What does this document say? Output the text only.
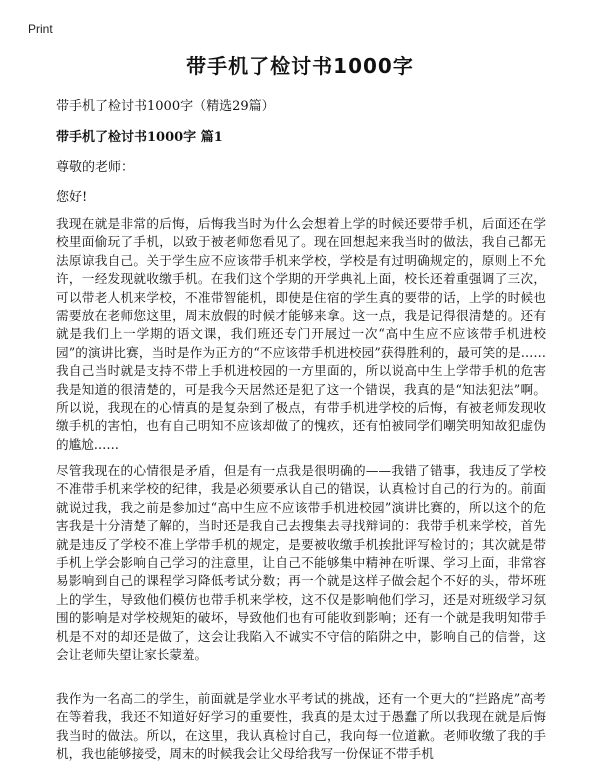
Print
带手机了检讨书1000字
带手机了检讨书1000字（精选29篇）
带手机了检讨书1000字 篇1
尊敬的老师：
您好!

我现在就是非常的后悔，后悔我当时为什么会想着上学的时候还要带手机，后面还在学校里面偷玩了手机，以致于被老师您看见了。现在回想起来我当时的做法，我自己都无法原谅我自己。关于学生应不应该带手机来学校，学校是有过明确规定的，原则上不允许，一经发现就收缴手机。在我们这个学期的开学典礼上面，校长还着重强调了三次，可以带老人机来学校，不准带智能机，即使是住宿的学生真的要带的话，上学的时候也需要放在老师您这里，周末放假的时候才能够来拿。这一点，我是记得很清楚的。还有就是我们上一学期的语文课，我们班还专门开展过一次“高中生应不应该带手机进校园”的演讲比赛，当时是作为正方的“不应该带手机进校园”获得胜利的，最可笑的是……我自己当时就是支持不带上手机进校园的一方里面的，所以说高中生上学带手机的危害我是知道的很清楚的，可是我今天居然还是犯了这一个错误，我真的是“知法犯法”啊。所以说，我现在的心情真的是复杂到了极点，有带手机进学校的后悔，有被老师发现收缴手机的害怕，也有自己明知不应该却做了的愧疚，还有怕被同学们嘲笑明知故犯虚伪的尴尬……

尽管我现在的心情很是矛盾，但是有一点我是很明确的——我错了错事，我违反了学校不准带手机来学校的纪律，我是必须要承认自己的错误，认真检讨自己的行为的。前面就说过我，我之前是参加过“高中生应不应该带手机进校园”演讲比赛的，所以这个的危害我是十分清楚了解的，当时还是我自己去搜集去寻找辩词的：我带手机来学校，首先就是违反了学校不准上学带手机的规定，是要被收缴手机挨批评写检讨的；其次就是带手机上学会影响自己学习的注意里，让自己不能够集中精神在听课、学习上面，非常容易影响到自己的课程学习降低考试分数；再一个就是这样子做会起个不好的头，带坏班上的学生，导致他们模仿也带手机来学校，这不仅是影响他们学习，还是对班级学习氛围的影响是对学校规矩的破坏，导致他们也有可能收到影响；还有一个就是我明知带手机是不对的却还是做了，这会让我陷入不诚实不守信的陷阱之中，影响自己的信誉，这会让老师失望让家长蒙羞。

我作为一名高二的学生，前面就是学业水平考试的挑战，还有一个更大的“拦路虎”高考在等着我，我还不知道好好学习的重要性，我真的是太过于愚蠢了所以我现在就是后悔我当时的做法。所以，在这里，我认真检讨自己，我向每一位道歉。老师收缴了我的手机，我也能够接受，周末的时候我会让父母给我写一份保证不带手机
